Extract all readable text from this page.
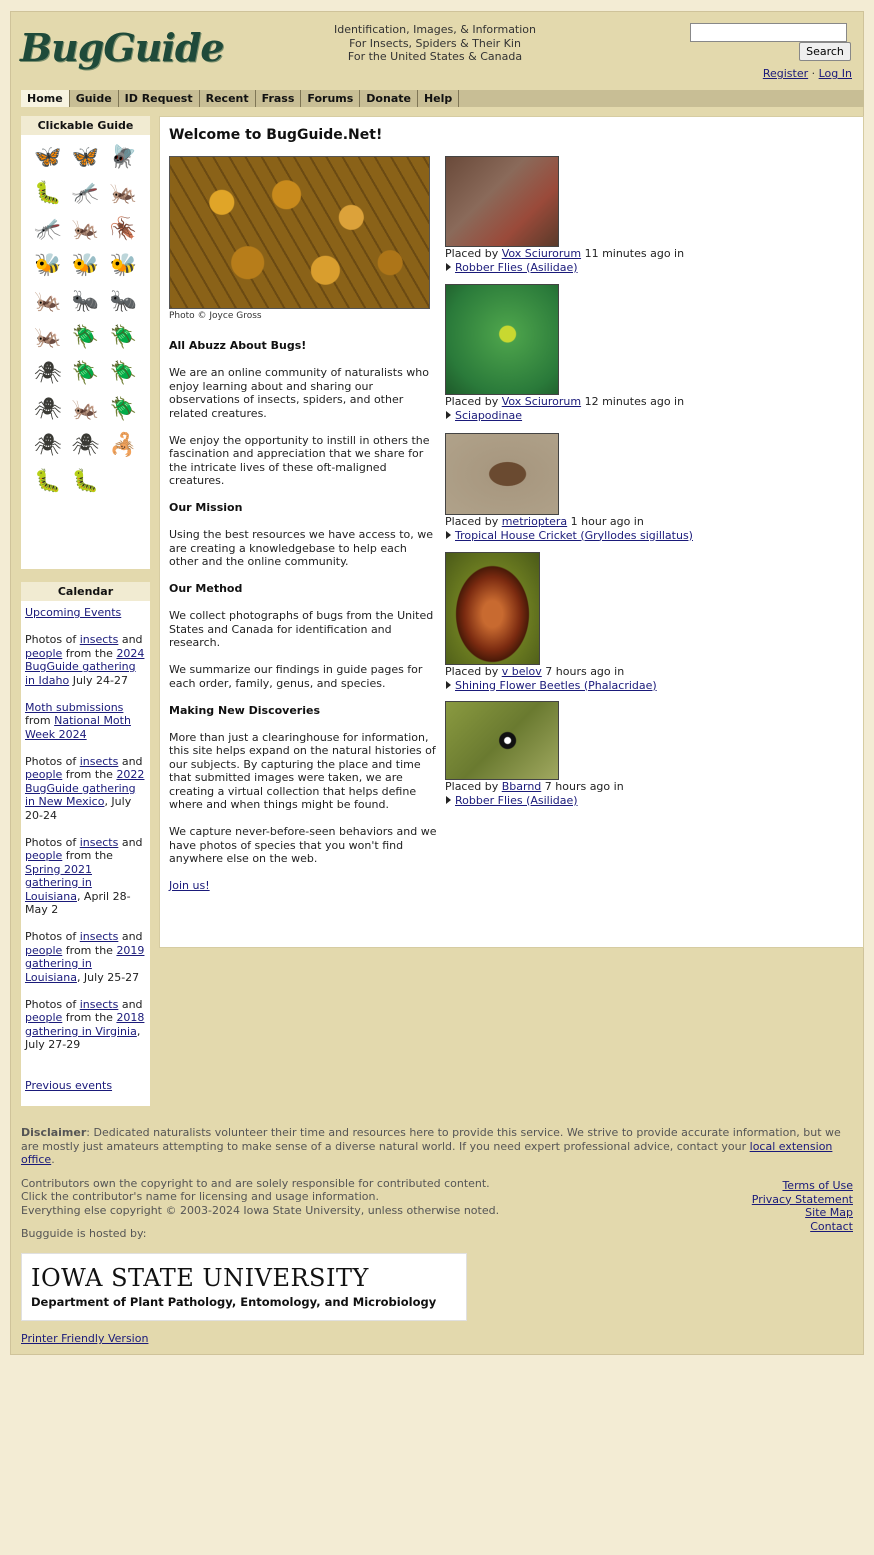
BugGuide	Identification, Images, & Information
For Insects, Spiders & Their Kin
For the United States & Canada	Search
Register · Log In
Home	Guide	ID Request	Recent	Frass	Forums	Donate	Help
Clickable Guide
🦋 🦋 🪰
🐛 🦟 🦗
🦟 🦗 🪳
🐝 🐝 🐝
🦗 🐜 🐜
🦗 🪲 🪲
🕷 🪲 🪲
🕷 🦗 🪲
🕷 🕷 🦂
🐛 🐛
Calendar

Upcoming Events

Photos of insects and people from the 2024 BugGuide gathering in Idaho July 24-27

Moth submissions from National Moth Week 2024

Photos of insects and people from the 2022 BugGuide gathering in New Mexico, July 20-24

Photos of insects and people from the Spring 2021 gathering in Louisiana, April 28-May 2

Photos of insects and people from the 2019 gathering in Louisiana, July 25-27

Photos of insects and people from the 2018 gathering in Virginia, July 27-29

Previous events

Welcome to BugGuide.Net!
Photo © Joyce Gross
All Abuzz About Bugs!

We are an online community of naturalists who enjoy learning about and sharing our observations of insects, spiders, and other related creatures.

We enjoy the opportunity to instill in others the fascination and appreciation that we share for the intricate lives of these oft-maligned creatures.

Our Mission

Using the best resources we have access to, we are creating a knowledgebase to help each other and the online community.

Our Method

We collect photographs of bugs from the United States and Canada for identification and research.

We summarize our findings in guide pages for each order, family, genus, and species.

Making New Discoveries

More than just a clearinghouse for information, this site helps expand on the natural histories of our subjects. By capturing the place and time that submitted images were taken, we are creating a virtual collection that helps define where and when things might be found.

We capture never-before-seen behaviors and we have photos of species that you won't find anywhere else on the web.

Join us!

Placed by Vox Sciurorum 11 minutes ago in
Robber Flies (Asilidae)
Placed by Vox Sciurorum 12 minutes ago in
Sciapodinae
Placed by metrioptera 1 hour ago in
Tropical House Cricket (Gryllodes sigillatus)
Placed by v belov 7 hours ago in
Shining Flower Beetles (Phalacridae)
Placed by Bbarnd 7 hours ago in
Robber Flies (Asilidae)
Disclaimer: Dedicated naturalists volunteer their time and resources here to provide this service. We strive to provide accurate information, but we are mostly just amateurs attempting to make sense of a diverse natural world. If you need expert professional advice, contact your local extension office.
Contributors own the copyright to and are solely responsible for contributed content.
Click the contributor's name for licensing and usage information.
Everything else copyright © 2003-2024 Iowa State University, unless otherwise noted.
Bugguide is hosted by:
Terms of Use
Privacy Statement
Site Map
Contact
IOWA STATE UNIVERSITY
Department of Plant Pathology, Entomology, and Microbiology
Printer Friendly Version
